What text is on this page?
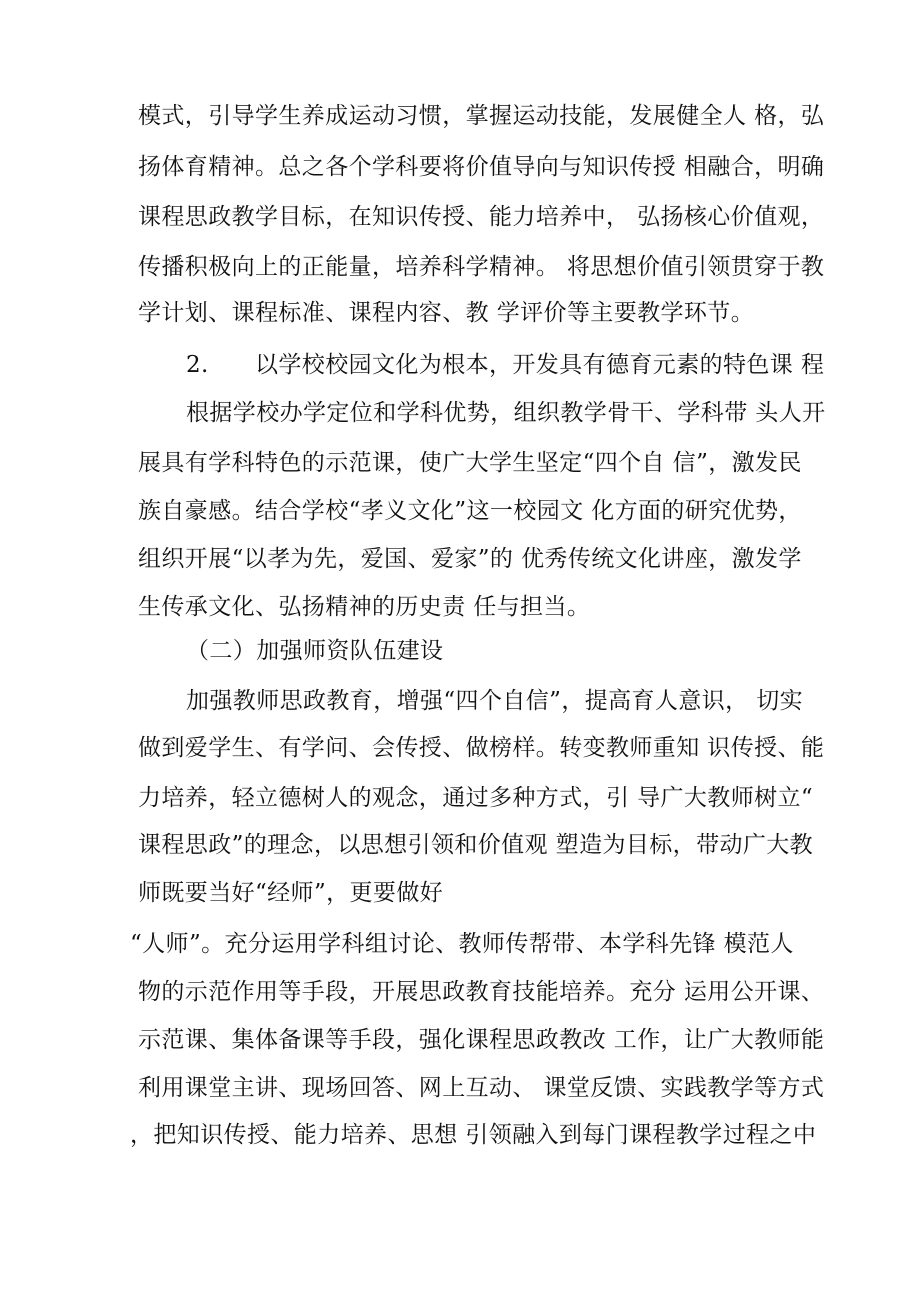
模式，引导学生养成运动习惯，掌握运动技能，发展健全人 格，弘
扬体育精神。总之各个学科要将价值导向与知识传授 相融合，明确
课程思政教学目标，在知识传授、能力培养中， 弘扬核心价值观，
传播积极向上的正能量，培养科学精神。 将思想价值引领贯穿于教
学计划、课程标准、课程内容、教 学评价等主要教学环节。
2.      以学校校园文化为根本，开发具有德育元素的特色课 程
根据学校办学定位和学科优势，组织教学骨干、学科带 头人开
展具有学科特色的示范课，使广大学生坚定“四个自 信”，激发民
族自豪感。结合学校“孝义文化”这一校园文 化方面的研究优势，
组织开展“以孝为先，爱国、爱家”的 优秀传统文化讲座，激发学
生传承文化、弘扬精神的历史责 任与担当。
（二）加强师资队伍建设
加强教师思政教育，增强“四个自信”，提高育人意识， 切实
做到爱学生、有学问、会传授、做榜样。转变教师重知 识传授、能
力培养，轻立德树人的观念，通过多种方式，引 导广大教师树立“
课程思政”的理念，以思想引领和价值观 塑造为目标，带动广大教
师既要当好“经师”，更要做好
“人师”。充分运用学科组讨论、教师传帮带、本学科先锋 模范人
物的示范作用等手段，开展思政教育技能培养。充分 运用公开课、
示范课、集体备课等手段，强化课程思政教改 工作，让广大教师能
利用课堂主讲、现场回答、网上互动、 课堂反馈、实践教学等方式
，把知识传授、能力培养、思想 引领融入到每门课程教学过程之中
